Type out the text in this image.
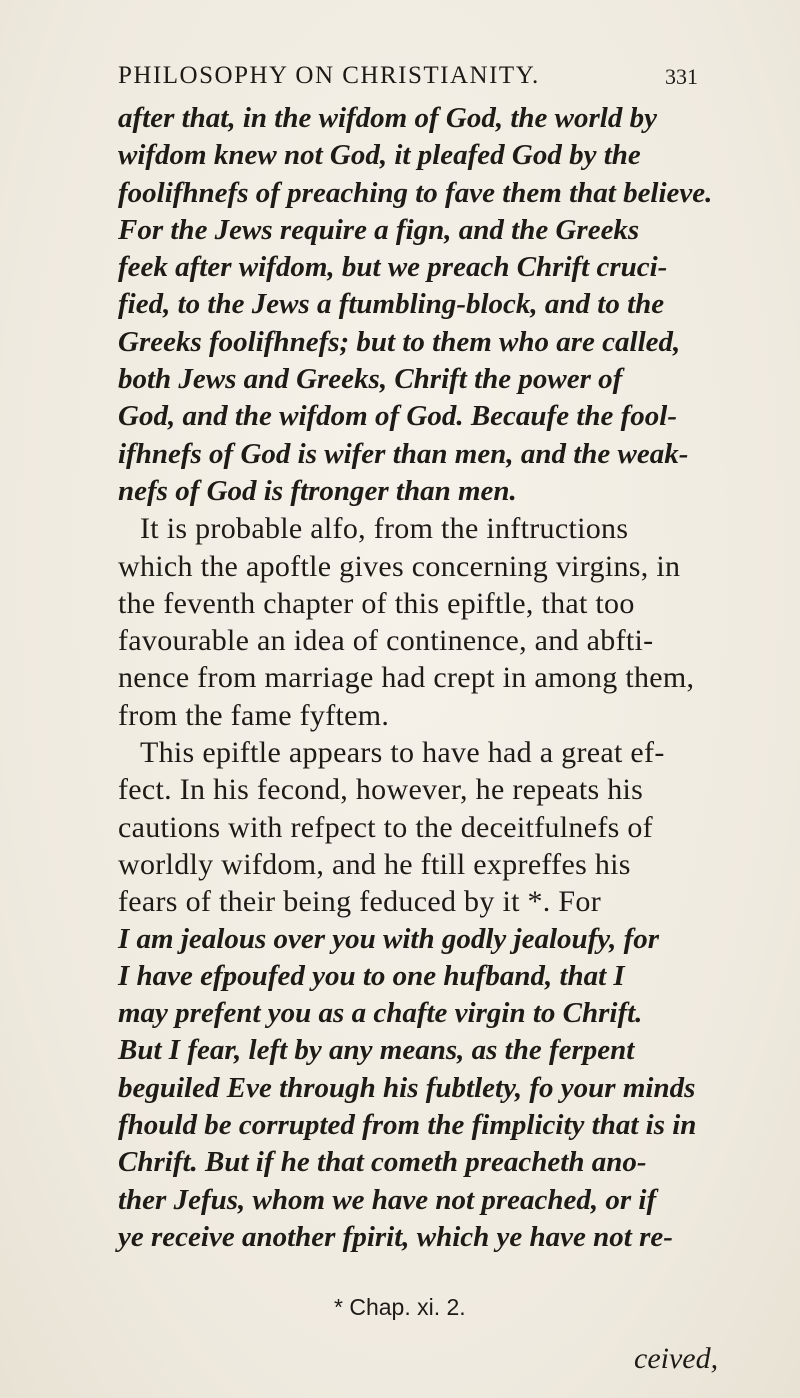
PHILOSOPHY ON CHRISTIANITY.	331
after that, in the wifdom of God, the world by
wifdom knew not God, it pleafed God by the
foolifhnefs of preaching to fave them that believe.
For the Jews require a fign, and the Greeks
feek after wifdom, but we preach Chrift cruci-
fied, to the Jews a ftumbling-block, and to the
Greeks foolifhnefs; but to them who are called,
both Jews and Greeks, Chrift the power of
God, and the wifdom of God. Becaufe the fool-
ifhnefs of God is wifer than men, and the weak-
nefs of God is ftronger than men.
It is probable alfo, from the inftructions
which the apoftle gives concerning virgins, in
the feventh chapter of this epiftle, that too
favourable an idea of continence, and abfti-
nence from marriage had crept in among them,
from the fame fyftem.
This epiftle appears to have had a great ef-
fect. In his fecond, however, he repeats his
cautions with refpect to the deceitfulnefs of
worldly wifdom, and he ftill expreffes his
fears of their being feduced by it *. For
I am jealous over you with godly jealoufy, for
I have efpoufed you to one hufband, that I
may prefent you as a chafte virgin to Chrift.
But I fear, left by any means, as the ferpent
beguiled Eve through his fubtlety, fo your minds
fhould be corrupted from the fimplicity that is in
Chrift. But if he that cometh preacheth ano-
ther Jefus, whom we have not preached, or if
ye receive another fpirit, which ye have not re-
* Chap. xi. 2.
ceived,
